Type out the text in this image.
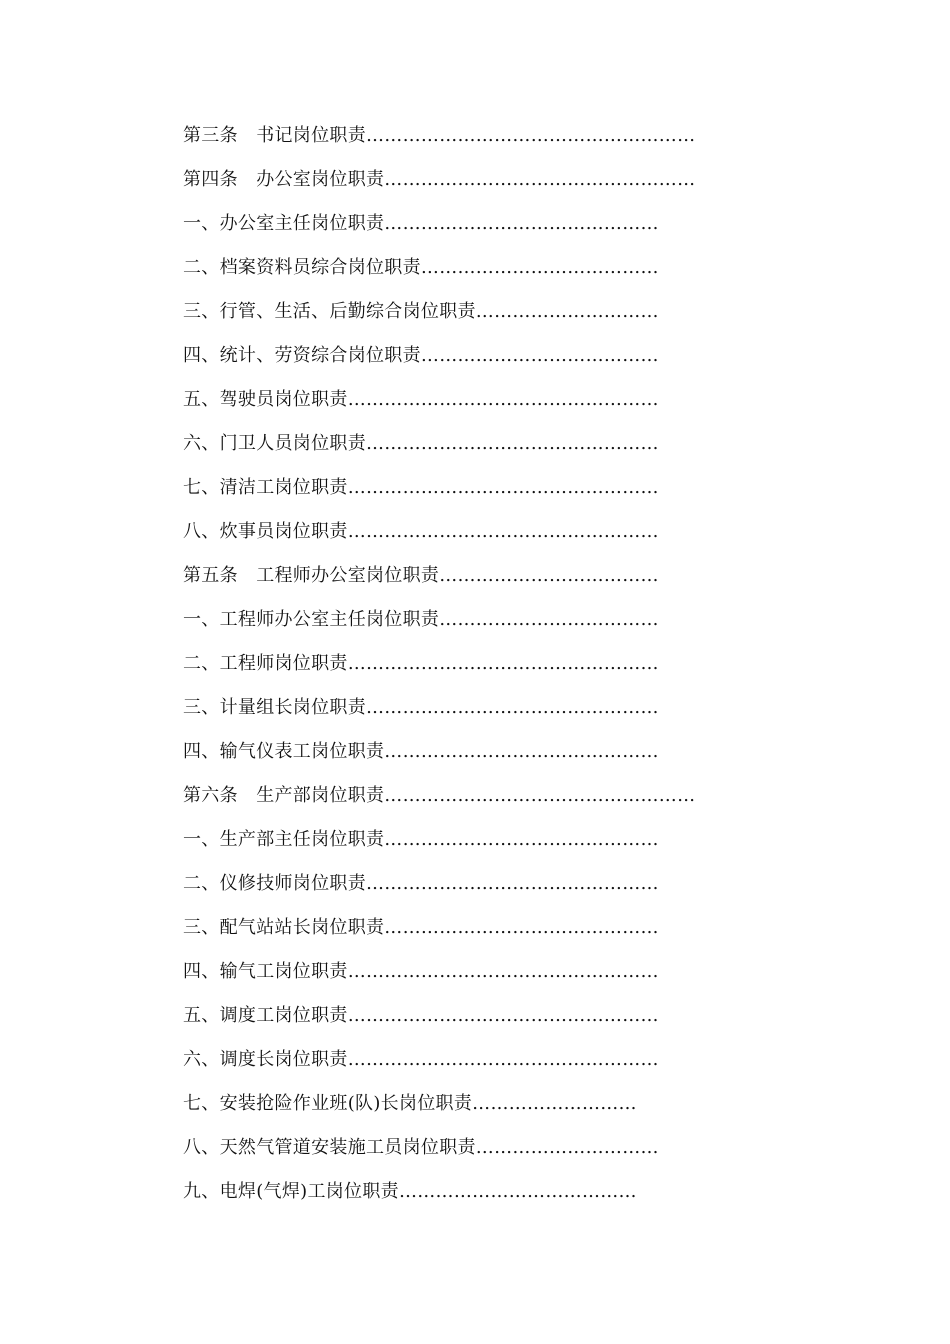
第三条　书记岗位职责………………………………………………
第四条　办公室岗位职责……………………………………………
一、办公室主任岗位职责………………………………………
二、档案资料员综合岗位职责…………………………………
三、行管、生活、后勤综合岗位职责…………………………
四、统计、劳资综合岗位职责…………………………………
五、驾驶员岗位职责……………………………………………
六、门卫人员岗位职责…………………………………………
七、清洁工岗位职责……………………………………………
八、炊事员岗位职责……………………………………………
第五条　工程师办公室岗位职责………………………………
一、工程师办公室主任岗位职责………………………………
二、工程师岗位职责……………………………………………
三、计量组长岗位职责…………………………………………
四、输气仪表工岗位职责………………………………………
第六条　生产部岗位职责……………………………………………
一、生产部主任岗位职责………………………………………
二、仪修技师岗位职责…………………………………………
三、配气站站长岗位职责………………………………………
四、输气工岗位职责……………………………………………
五、调度工岗位职责……………………………………………
六、调度长岗位职责……………………………………………
七、安装抢险作业班(队)长岗位职责………………………
八、天然气管道安装施工员岗位职责…………………………
九、电焊(气焊)工岗位职责…………………………………
